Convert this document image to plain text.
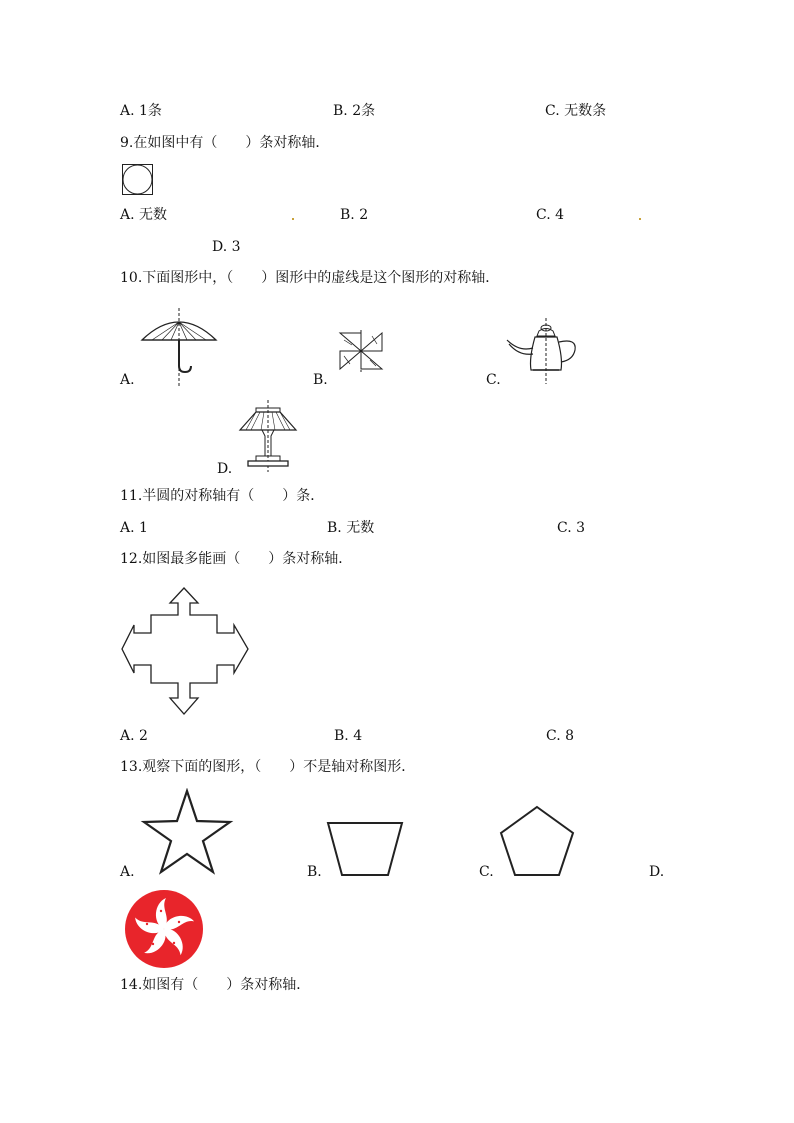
A. 1条	B. 2条	C. 无数条
9.在如图中有（　　）条对称轴．
A. 无数	B. 2	C. 4
D. 3
10.下面图形中，（　　）图形中的虚线是这个图形的对称轴．
A.	B.	C.
D.
11.半圆的对称轴有（　　）条．
A. 1	B. 无数	C. 3
12.如图最多能画（　　）条对称轴．
A. 2	B. 4	C. 8
13.观察下面的图形，（　　）不是轴对称图形．
A.	B.	C.	D.
14.如图有（　　）条对称轴．
